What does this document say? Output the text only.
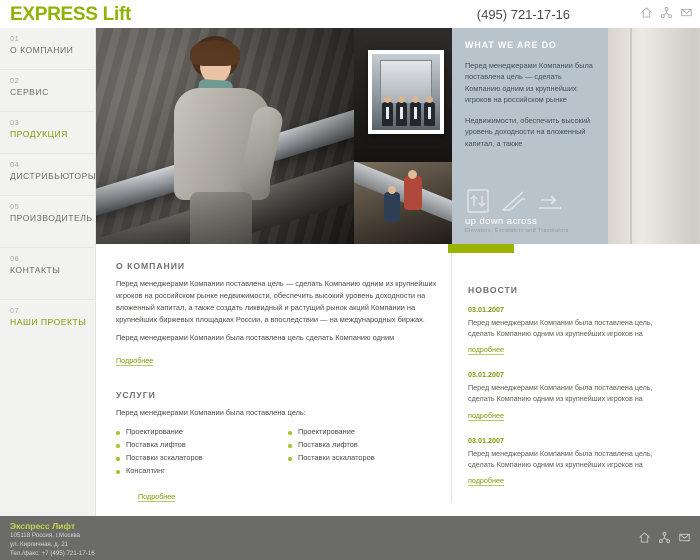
EXPRESS Lift	(495) 721-17-16
01
О КОМПАНИИ
02
СЕРВИС
03
ПРОДУКЦИЯ
04
ДИСТРИБЬЮТОРЫ
05
ПРОИЗВОДИТЕЛЬ
06
КОНТАКТЫ
07
НАШИ ПРОЕКТЫ
WHAT WE ARE DO

Перед менеджерами Компании была поставлена цель — сделать Компанию одним из крупнейших игроков на российском рынке

Недвижимости, обеспечить высокий уровень доходности на вложенный капитал, а также

up down across
Elevators, Escalators and Travolators
О КОМПАНИИ

Перед менеджерами Компании поставлена цель — сделать Компанию одним из крупнейших игроков на российском рынке недвижимости, обеспечить высокий уровень доходности на вложенный капитал, а также создать ликвидный и растущий рынок акций Компании на крупнейших биржевых площадках России, а впоследствии — на международных биржах.

Перед менеджерами Компании была поставлена цель сделать Компанию одним

Подробнее
УСЛУГИ

Перед менеджерами Компании была поставлена цель:

Проектирование
Поставка лифтов
Поставки эскалаторов
Консалтинг
Проектирование
Поставка лифтов
Поставки эскалаторов
Подробнее
НОВОСТИ
03.01.2007
Перед менеджерами Компании была поставлена цель, сделать Компанию одним из крупнейших игроков на
подробнее
03.01.2007
Перед менеджерами Компании была поставлена цель, сделать Компанию одним из крупнейших игроков на
подробнее
03.01.2007
Перед менеджерами Компании была поставлена цель, сделать Компанию одним из крупнейших игроков на
подробнее
Экспресс Лифт
105118 Россия, г.Москва
ул. Кирпичная, д. 21
Тел./факс: +7 (495) 721-17-16
